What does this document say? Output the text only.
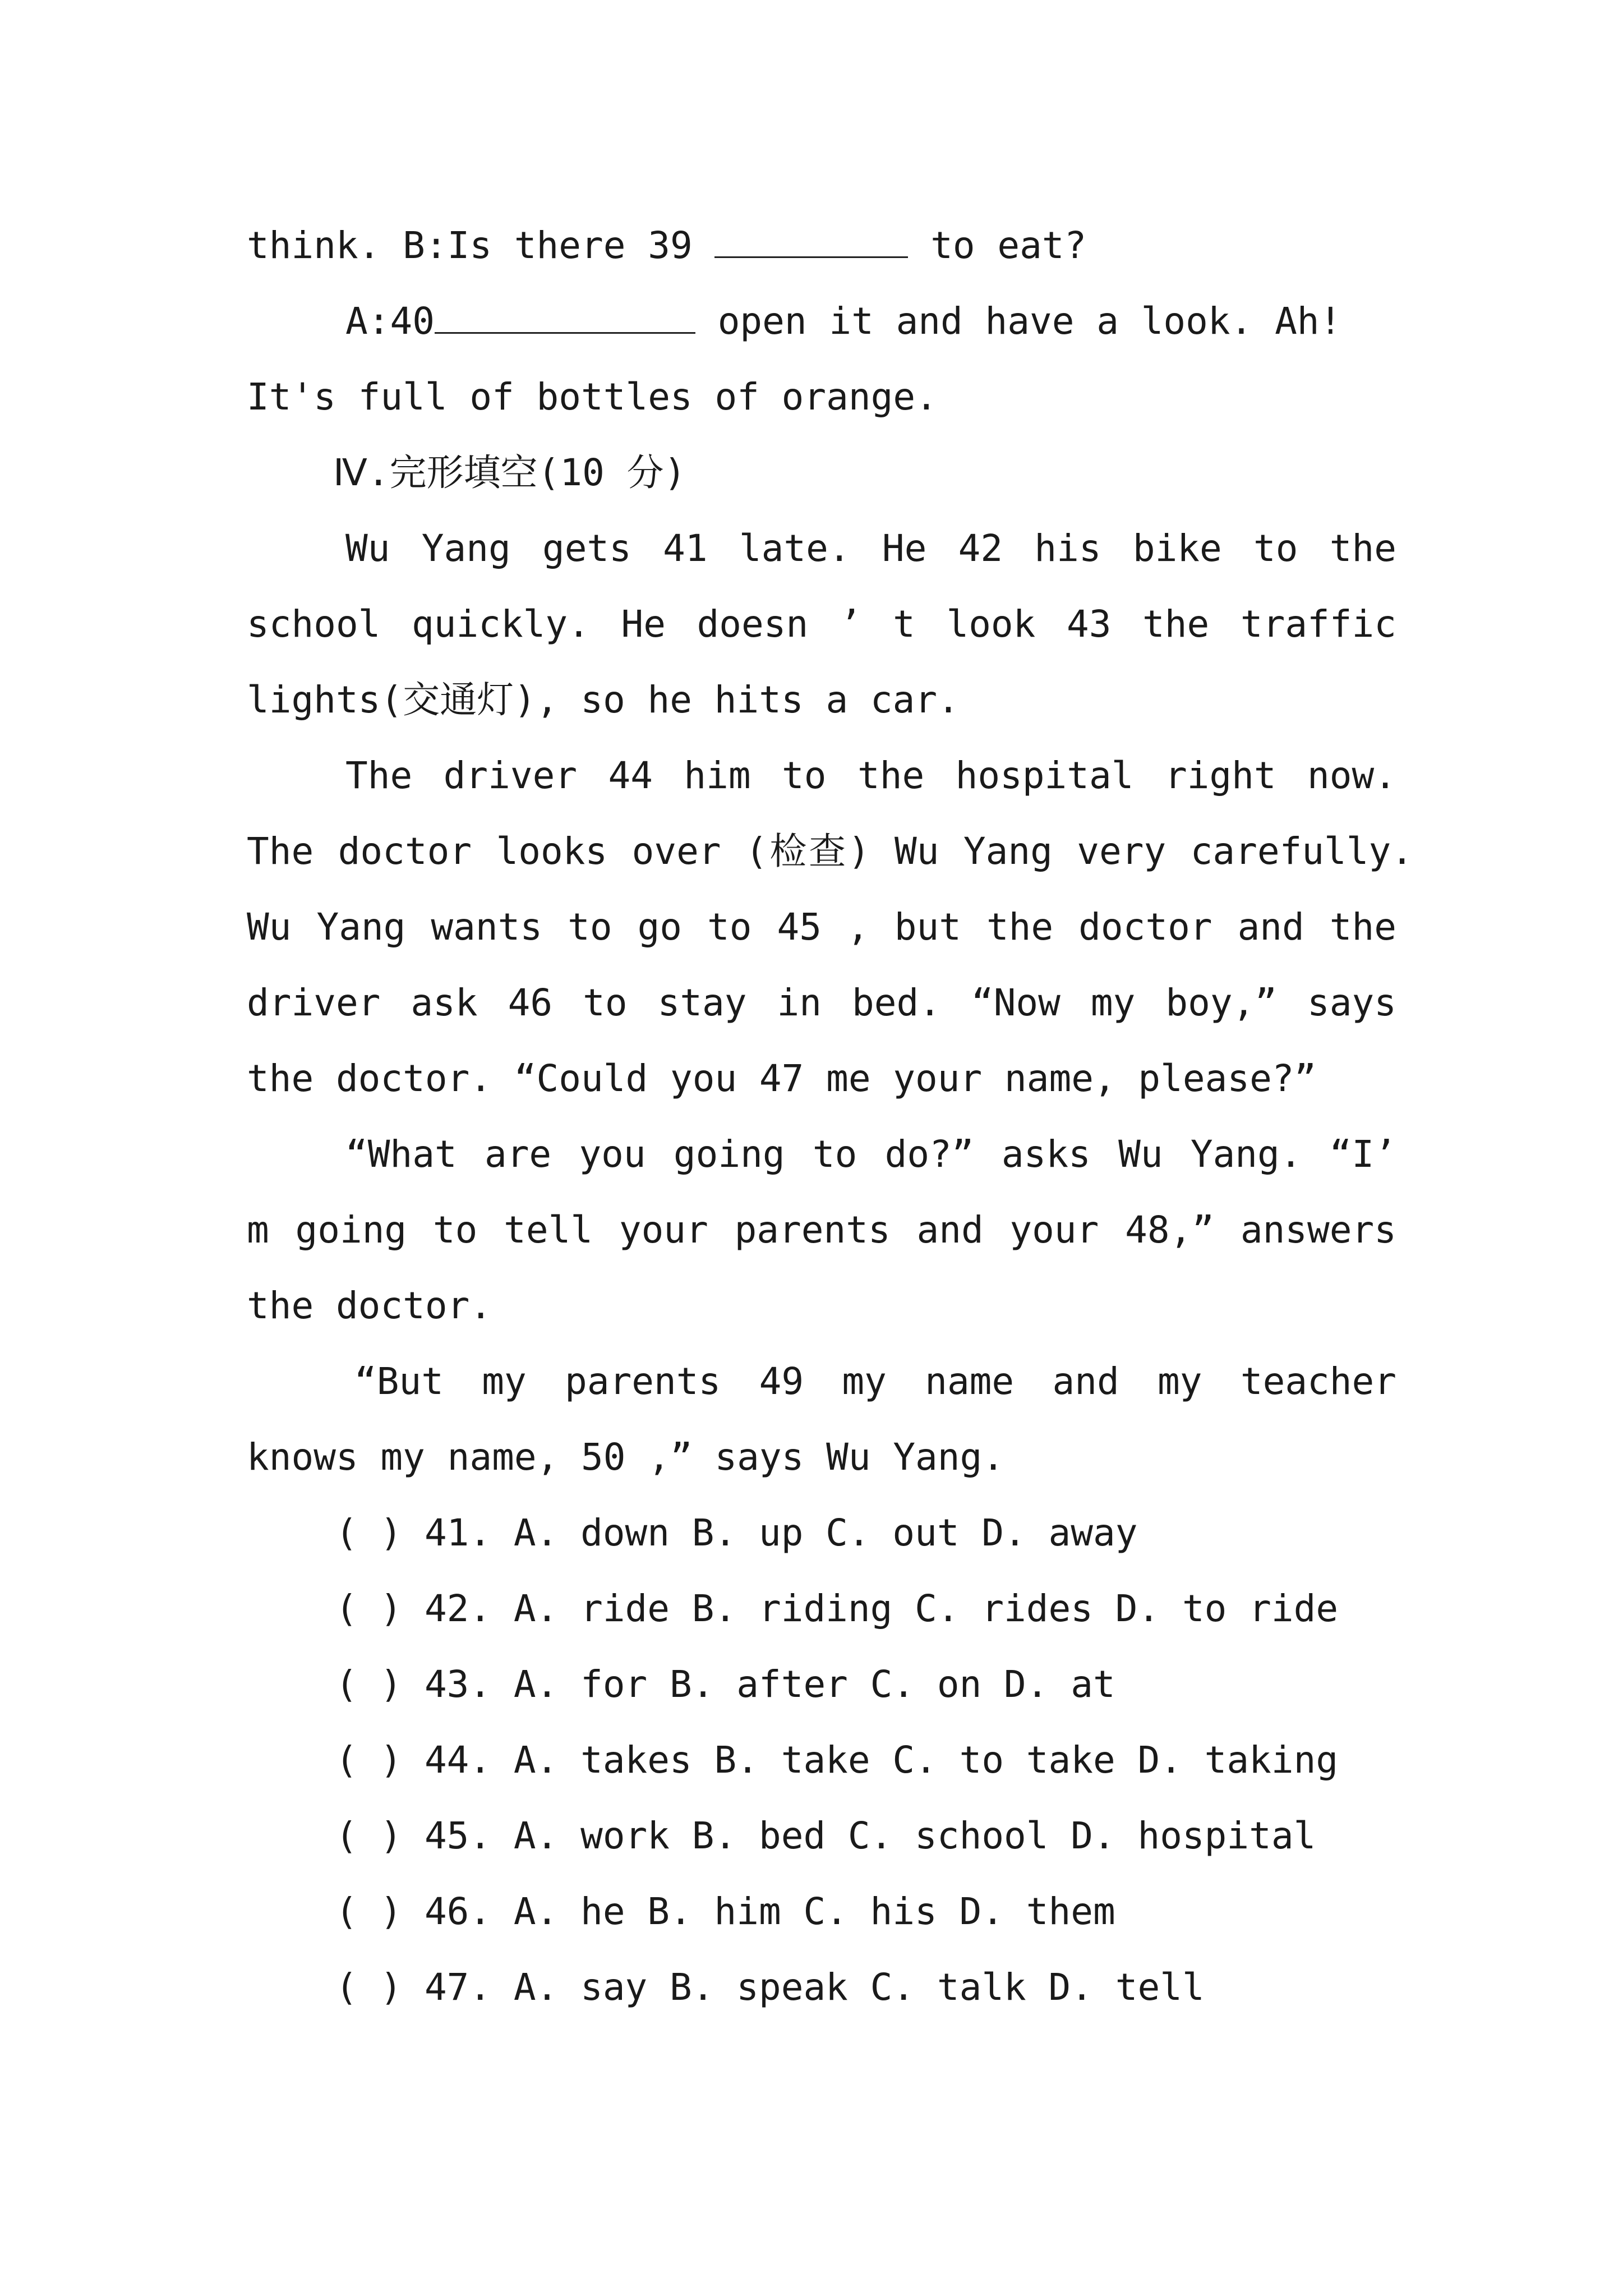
think. B:Is there 39	to eat?
A:40	open it and have a look. Ah!
It's full of bottles of orange.
Ⅳ.完形填空(10 分)
Wu Yang gets 41 late. He 42 his bike to the
school quickly. He doesn ’ t look 43 the traffic
lights(交通灯), so he hits a car.
The driver 44 him to the hospital right now.
The doctor looks over (检查) Wu Yang very carefully.
Wu Yang wants to go to 45 , but the doctor and the
driver ask 46 to stay in bed. “Now my boy,” says
the doctor. “Could you 47 me your name, please?”
“What are you going to do?” asks Wu Yang. “I’
m going to tell your parents and your 48,” answers
the doctor.
“But my parents 49 my name and my teacher
knows my name, 50 ,” says Wu Yang.
( ) 41. A. down B. up C. out D. away
( ) 42. A. ride B. riding C. rides D. to ride
( ) 43. A. for B. after C. on D. at
( ) 44. A. takes B. take C. to take D. taking
( ) 45. A. work B. bed C. school D. hospital
( ) 46. A. he B. him C. his D. them
( ) 47. A. say B. speak C. talk D. tell
